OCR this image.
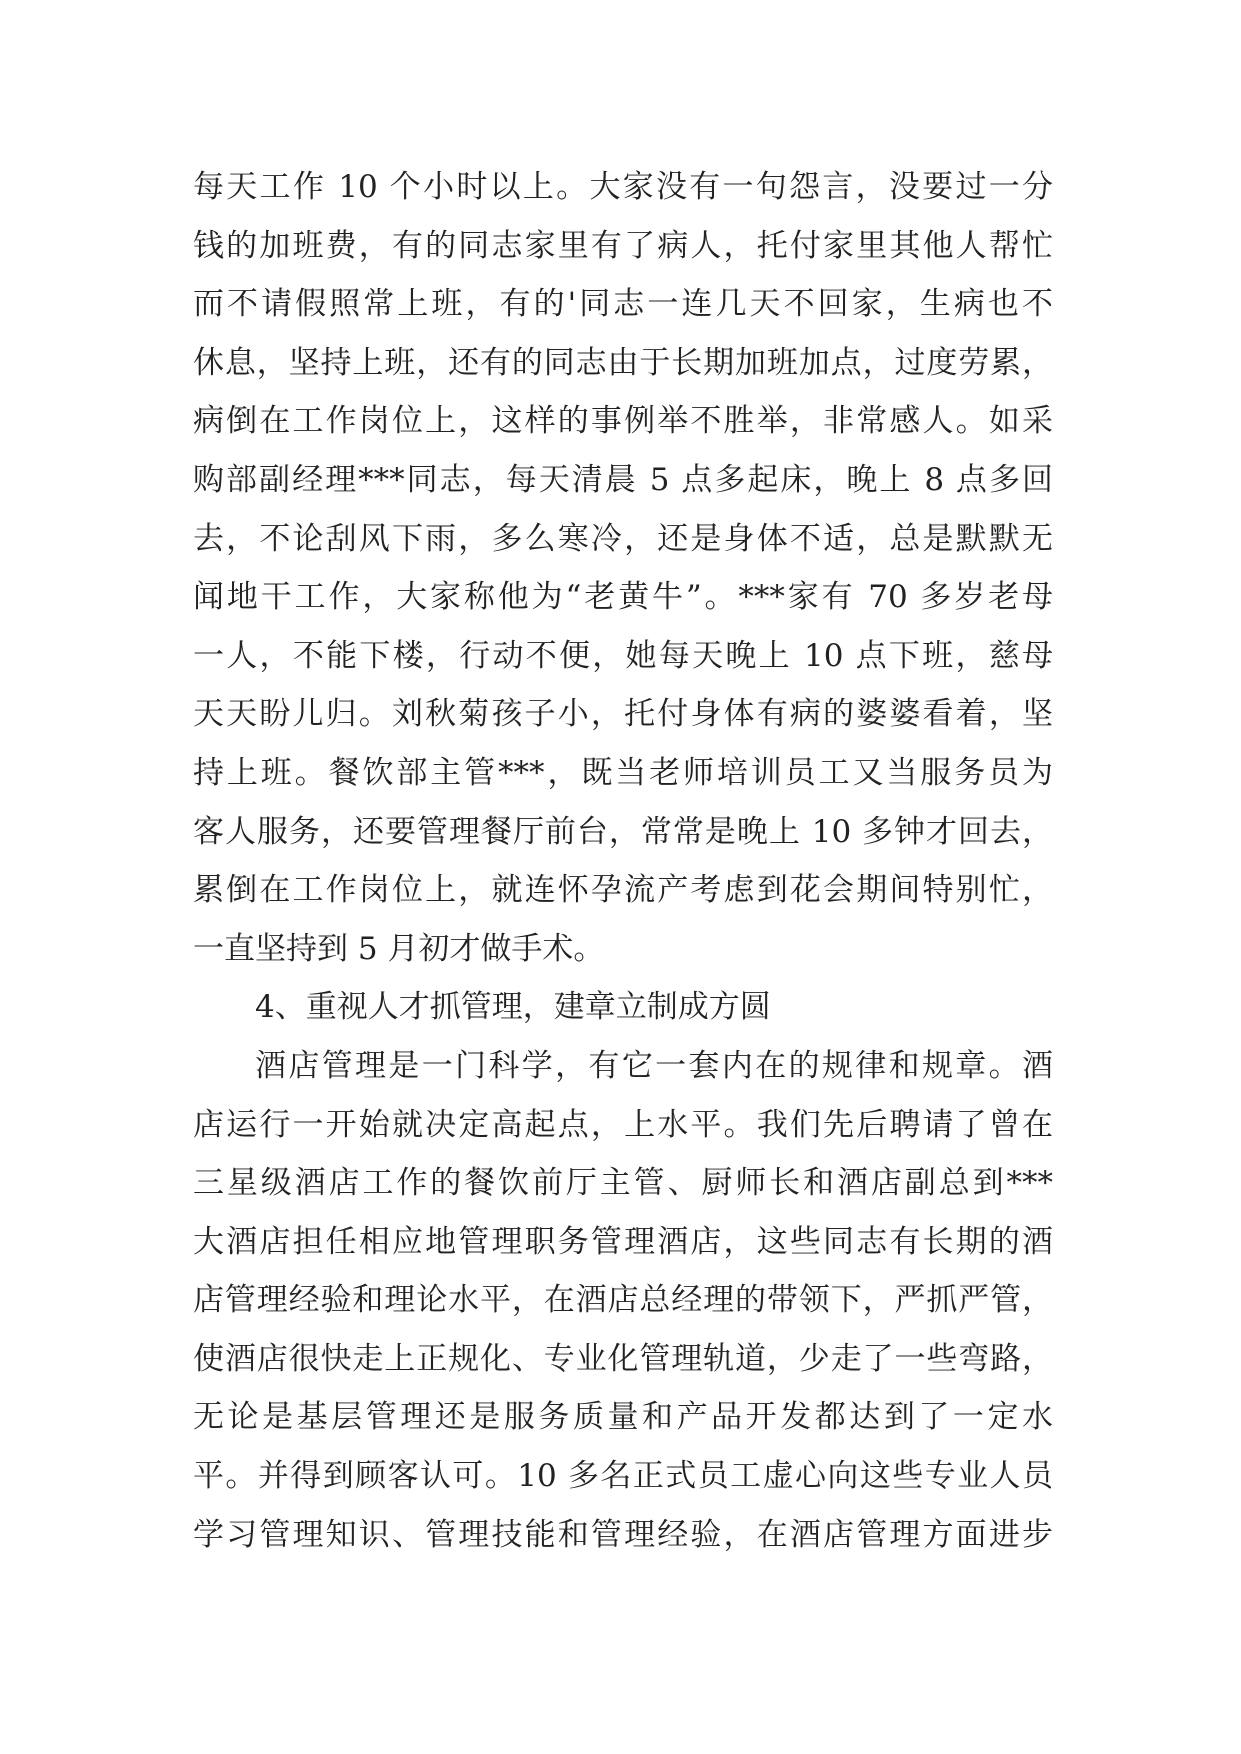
每天工作 10 个小时以上。大家没有一句怨言，没要过一分
钱的加班费，有的同志家里有了病人，托付家里其他人帮忙
而不请假照常上班，有的'同志一连几天不回家，生病也不
休息，坚持上班，还有的同志由于长期加班加点，过度劳累，
病倒在工作岗位上，这样的事例举不胜举，非常感人。如采
购部副经理***同志，每天清晨 5 点多起床，晚上 8 点多回
去，不论刮风下雨，多么寒冷，还是身体不适，总是默默无
闻地干工作，大家称他为“老黄牛”。***家有 70 多岁老母
一人，不能下楼，行动不便，她每天晚上 10 点下班，慈母
天天盼儿归。刘秋菊孩子小，托付身体有病的婆婆看着，坚
持上班。餐饮部主管***，既当老师培训员工又当服务员为
客人服务，还要管理餐厅前台，常常是晚上 10 多钟才回去，
累倒在工作岗位上，就连怀孕流产考虑到花会期间特别忙，
一直坚持到 5 月初才做手术。
4、重视人才抓管理，建章立制成方圆
酒店管理是一门科学，有它一套内在的规律和规章。酒
店运行一开始就决定高起点，上水平。我们先后聘请了曾在
三星级酒店工作的餐饮前厅主管、厨师长和酒店副总到***
大酒店担任相应地管理职务管理酒店，这些同志有长期的酒
店管理经验和理论水平，在酒店总经理的带领下，严抓严管，
使酒店很快走上正规化、专业化管理轨道，少走了一些弯路，
无论是基层管理还是服务质量和产品开发都达到了一定水
平。并得到顾客认可。10 多名正式员工虚心向这些专业人员
学习管理知识、管理技能和管理经验，在酒店管理方面进步
